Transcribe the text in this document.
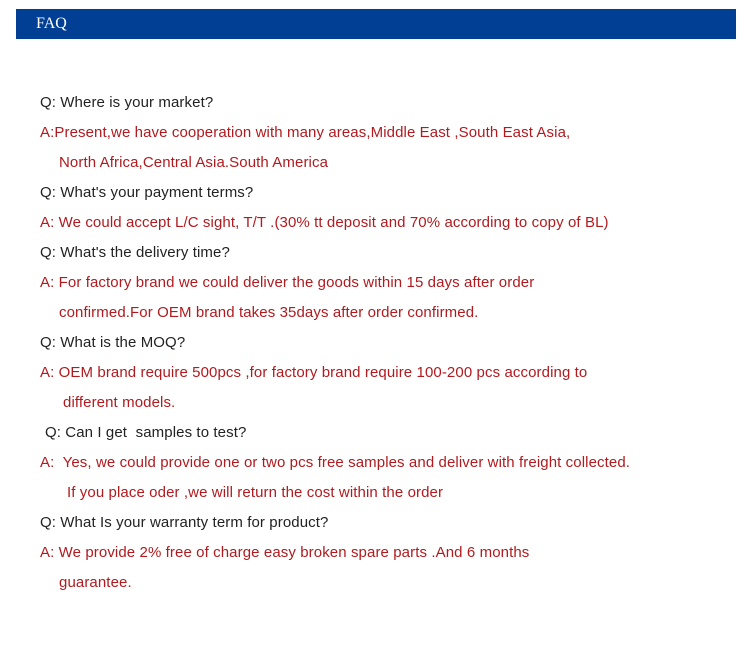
FAQ
Q: Where is your market?
A:Present,we have cooperation with many areas,Middle East ,South East Asia,
North Africa,Central Asia.South America
Q: What's your payment terms?
A: We could accept L/C sight, T/T .(30% tt deposit and 70% according to copy of BL)
Q: What's the delivery time?
A: For factory brand we could deliver the goods within 15 days after order
confirmed.For OEM brand takes 35days after order confirmed.
Q: What is the MOQ?
A: OEM brand require 500pcs ,for factory brand require 100-200 pcs according to
different models.
Q: Can I get  samples to test?
A:  Yes, we could provide one or two pcs free samples and deliver with freight collected.
If you place oder ,we will return the cost within the order
Q: What Is your warranty term for product?
A: We provide 2% free of charge easy broken spare parts .And 6 months
guarantee.
